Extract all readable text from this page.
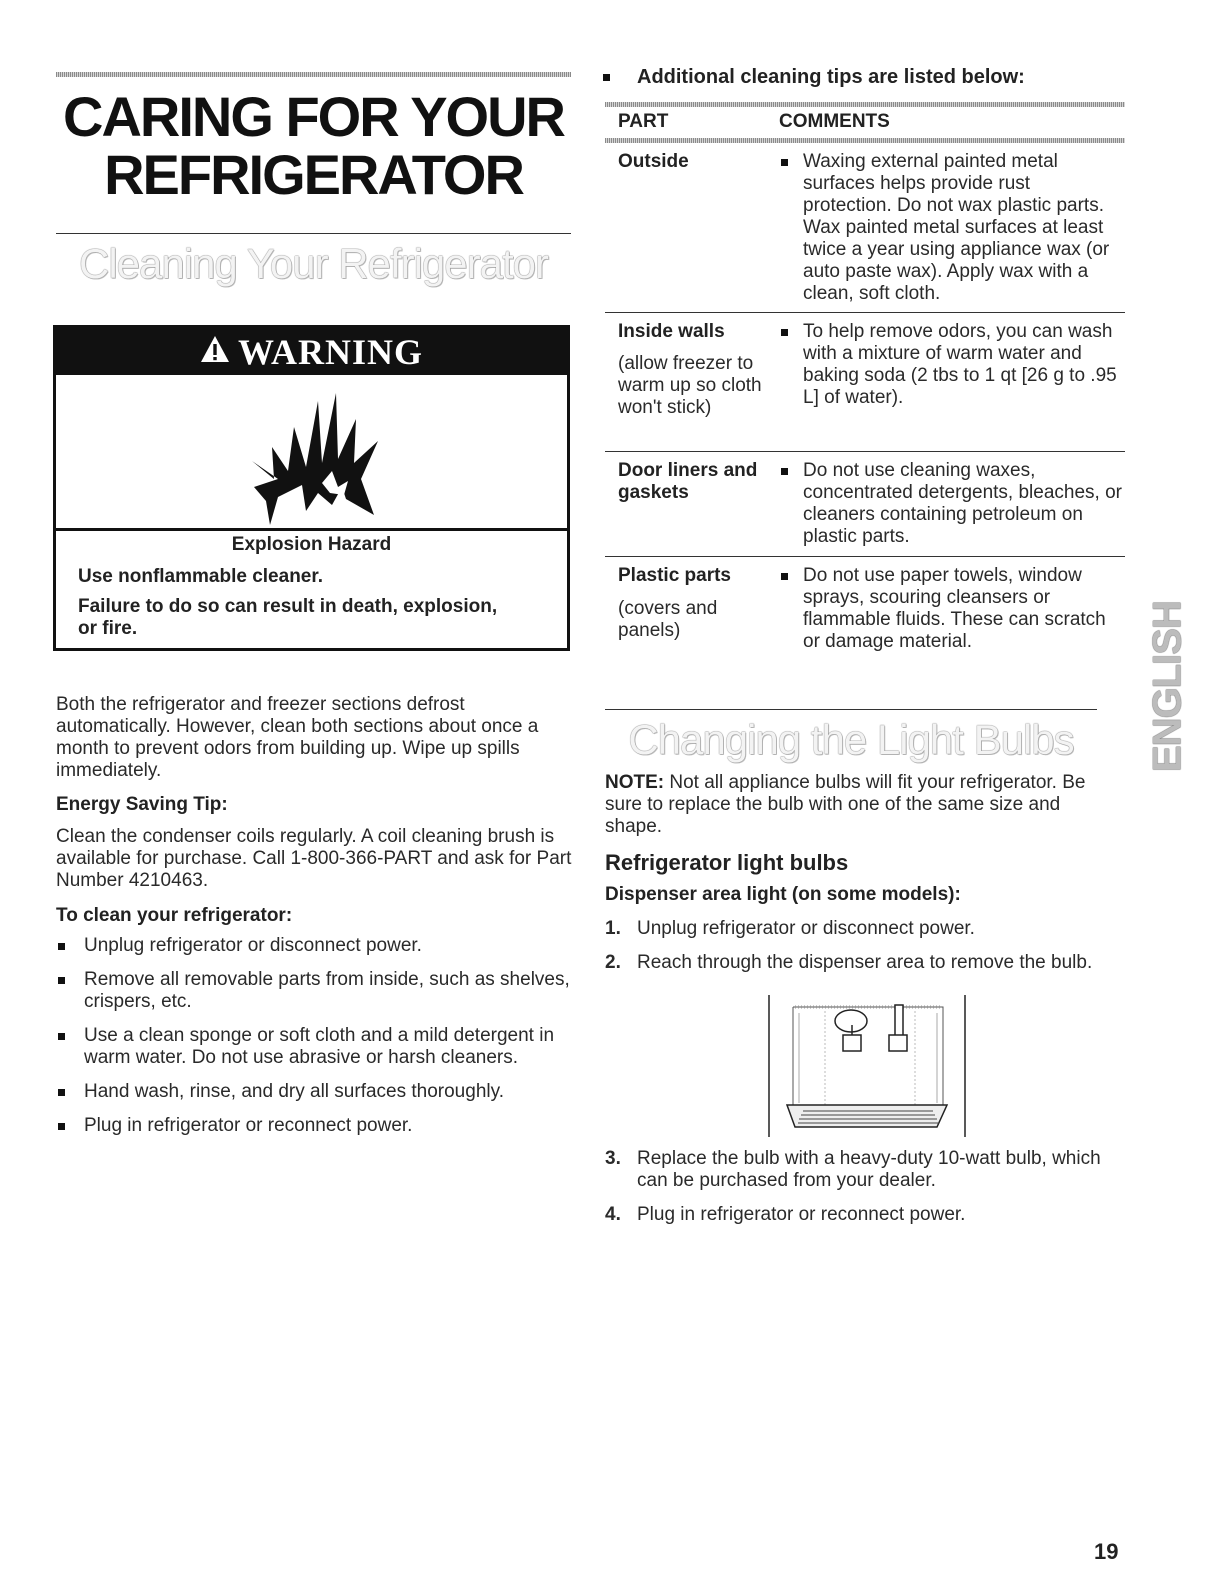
CARING FOR YOUR
REFRIGERATOR
Cleaning Your Refrigerator
WARNING
Explosion Hazard
Use nonflammable cleaner.
Failure to do so can result in death, explosion, or fire.
Both the refrigerator and freezer sections defrost automatically. However, clean both sections about once a month to prevent odors from building up. Wipe up spills immediately.
Energy Saving Tip:
Clean the condenser coils regularly. A coil cleaning brush is available for purchase. Call 1-800-366-PART and ask for Part Number 4210463.
To clean your refrigerator:
Unplug refrigerator or disconnect power.
Remove all removable parts from inside, such as shelves, crispers, etc.
Use a clean sponge or soft cloth and a mild detergent in warm water. Do not use abrasive or harsh cleaners.
Hand wash, rinse, and dry all surfaces thoroughly.
Plug in refrigerator or reconnect power.
Additional cleaning tips are listed below:
PART	COMMENTS
Outside	Waxing external painted metal surfaces helps provide rust protection. Do not wax plastic parts. Wax painted metal surfaces at least twice a year using appliance wax (or auto paste wax). Apply wax with a clean, soft cloth.
Inside walls
(allow freezer to warm up so cloth won't stick)
To help remove odors, you can wash with a mixture of warm water and baking soda (2 tbs to 1 qt [26 g to .95 L] of water).
Door liners and gaskets
Do not use cleaning waxes, concentrated detergents, bleaches, or cleaners containing petroleum on plastic parts.
Plastic parts
(covers and panels)
Do not use paper towels, window sprays, scouring cleansers or flammable fluids. These can scratch or damage material.
Changing the Light Bulbs
NOTE: Not all appliance bulbs will fit your refrigerator. Be sure to replace the bulb with one of the same size and shape.
Refrigerator light bulbs
Dispenser area light (on some models):
1. Unplug refrigerator or disconnect power.
2. Reach through the dispenser area to remove the bulb.
3. Replace the bulb with a heavy-duty 10-watt bulb, which can be purchased from your dealer.
4. Plug in refrigerator or reconnect power.
ENGLISH
19
